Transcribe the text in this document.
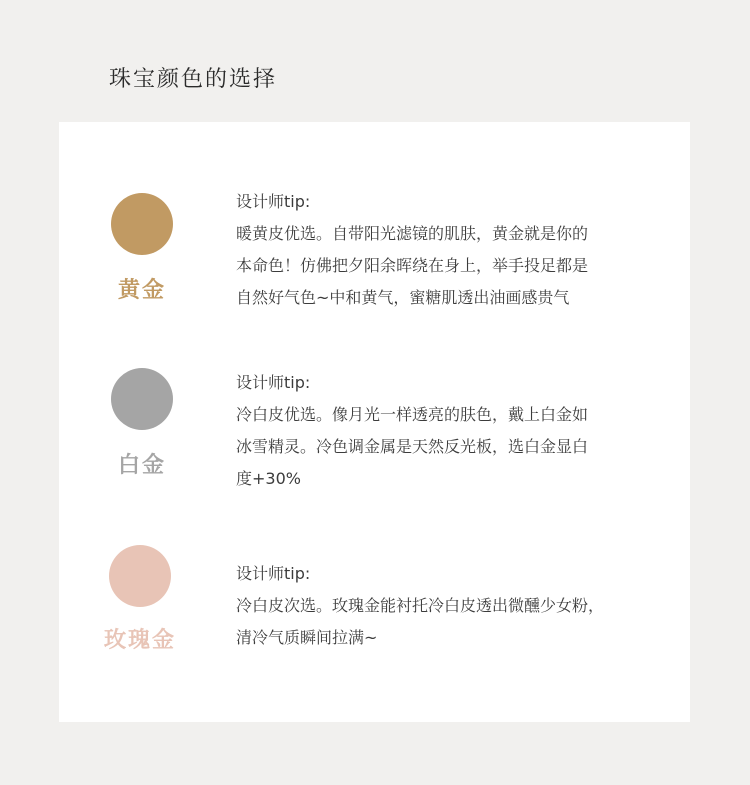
珠宝颜色的选择
黄金
设计师tip:
暖黄皮优选。自带阳光滤镜的肌肤，黄金就是你的
本命色！仿佛把夕阳余晖绕在身上，举手投足都是
自然好气色~中和黄气，蜜糖肌透出油画感贵气
白金
设计师tip:
冷白皮优选。像月光一样透亮的肤色，戴上白金如
冰雪精灵。冷色调金属是天然反光板，选白金显白
度+30%
玫瑰金
设计师tip:
冷白皮次选。玫瑰金能衬托冷白皮透出微醺少女粉，
清冷气质瞬间拉满~
